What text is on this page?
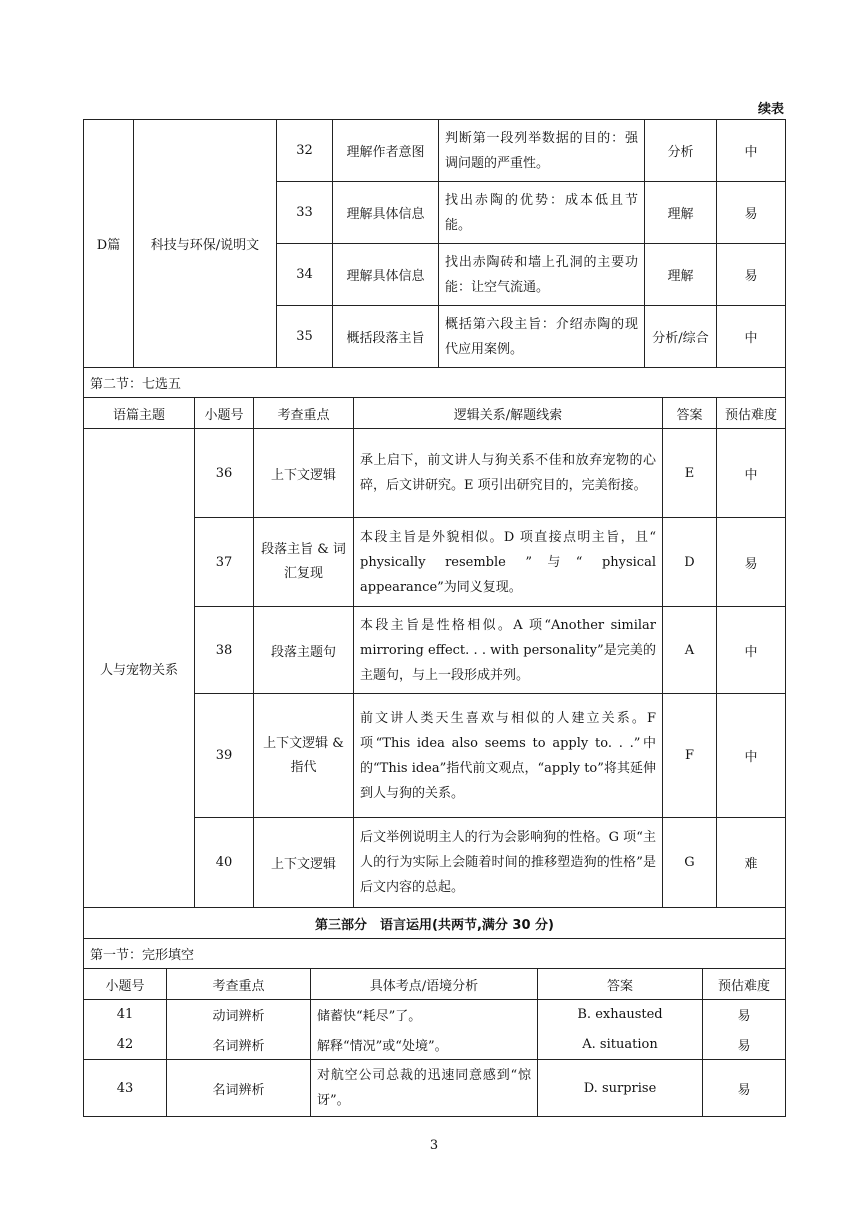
续表
D篇	科技与环保/说明文	32	理解作者意图	判断第一段列举数据的目的：强调问题的严重性。	分析	中
		33	理解具体信息	找出赤陶的优势：成本低且节能。	理解	易
		34	理解具体信息	找出赤陶砖和墙上孔洞的主要功能：让空气流通。	理解	易
		35	概括段落主旨	概括第六段主旨：介绍赤陶的现代应用案例。	分析/综合	中
第二节：七选五					
语篇主题	小题号	考查重点	逻辑关系/解题线索	答案	预估难度
人与宠物关系	36	上下文逻辑	承上启下，前文讲人与狗关系不佳和放弃宠物的心碎，后文讲研究。E 项引出研究目的，完美衔接。	E	中
	37	段落主旨 & 词汇复现	本段主旨是外貌相似。D 项直接点明主旨，且“ physically resemble ”与“ physical appearance”为同义复现。	D	易
	38	段落主题句	本段主旨是性格相似。A 项“Another similar mirroring effect. . . with personality”是完美的主题句，与上一段形成并列。	A	中
	39	上下文逻辑 & 指代	前文讲人类天生喜欢与相似的人建立关系。F 项“This idea also seems to apply to. . .”中的“This idea”指代前文观点，“apply to”将其延伸到人与狗的关系。	F	中
	40	上下文逻辑	后文举例说明主人的行为会影响狗的性格。G 项“主人的行为实际上会随着时间的推移塑造狗的性格”是后文内容的总起。	G	难
第三部分　语言运用(共两节,满分 30 分)				
第一节：完形填空				
小题号	考查重点	具体考点/语境分析	答案	预估难度
41	动词辨析	储蓄快“耗尽”了。	B. exhausted	易
42	名词辨析	解释“情况”或“处境”。	A. situation	易
43	名词辨析	对航空公司总裁的迅速同意感到“惊讶”。	D. surprise	易
3
